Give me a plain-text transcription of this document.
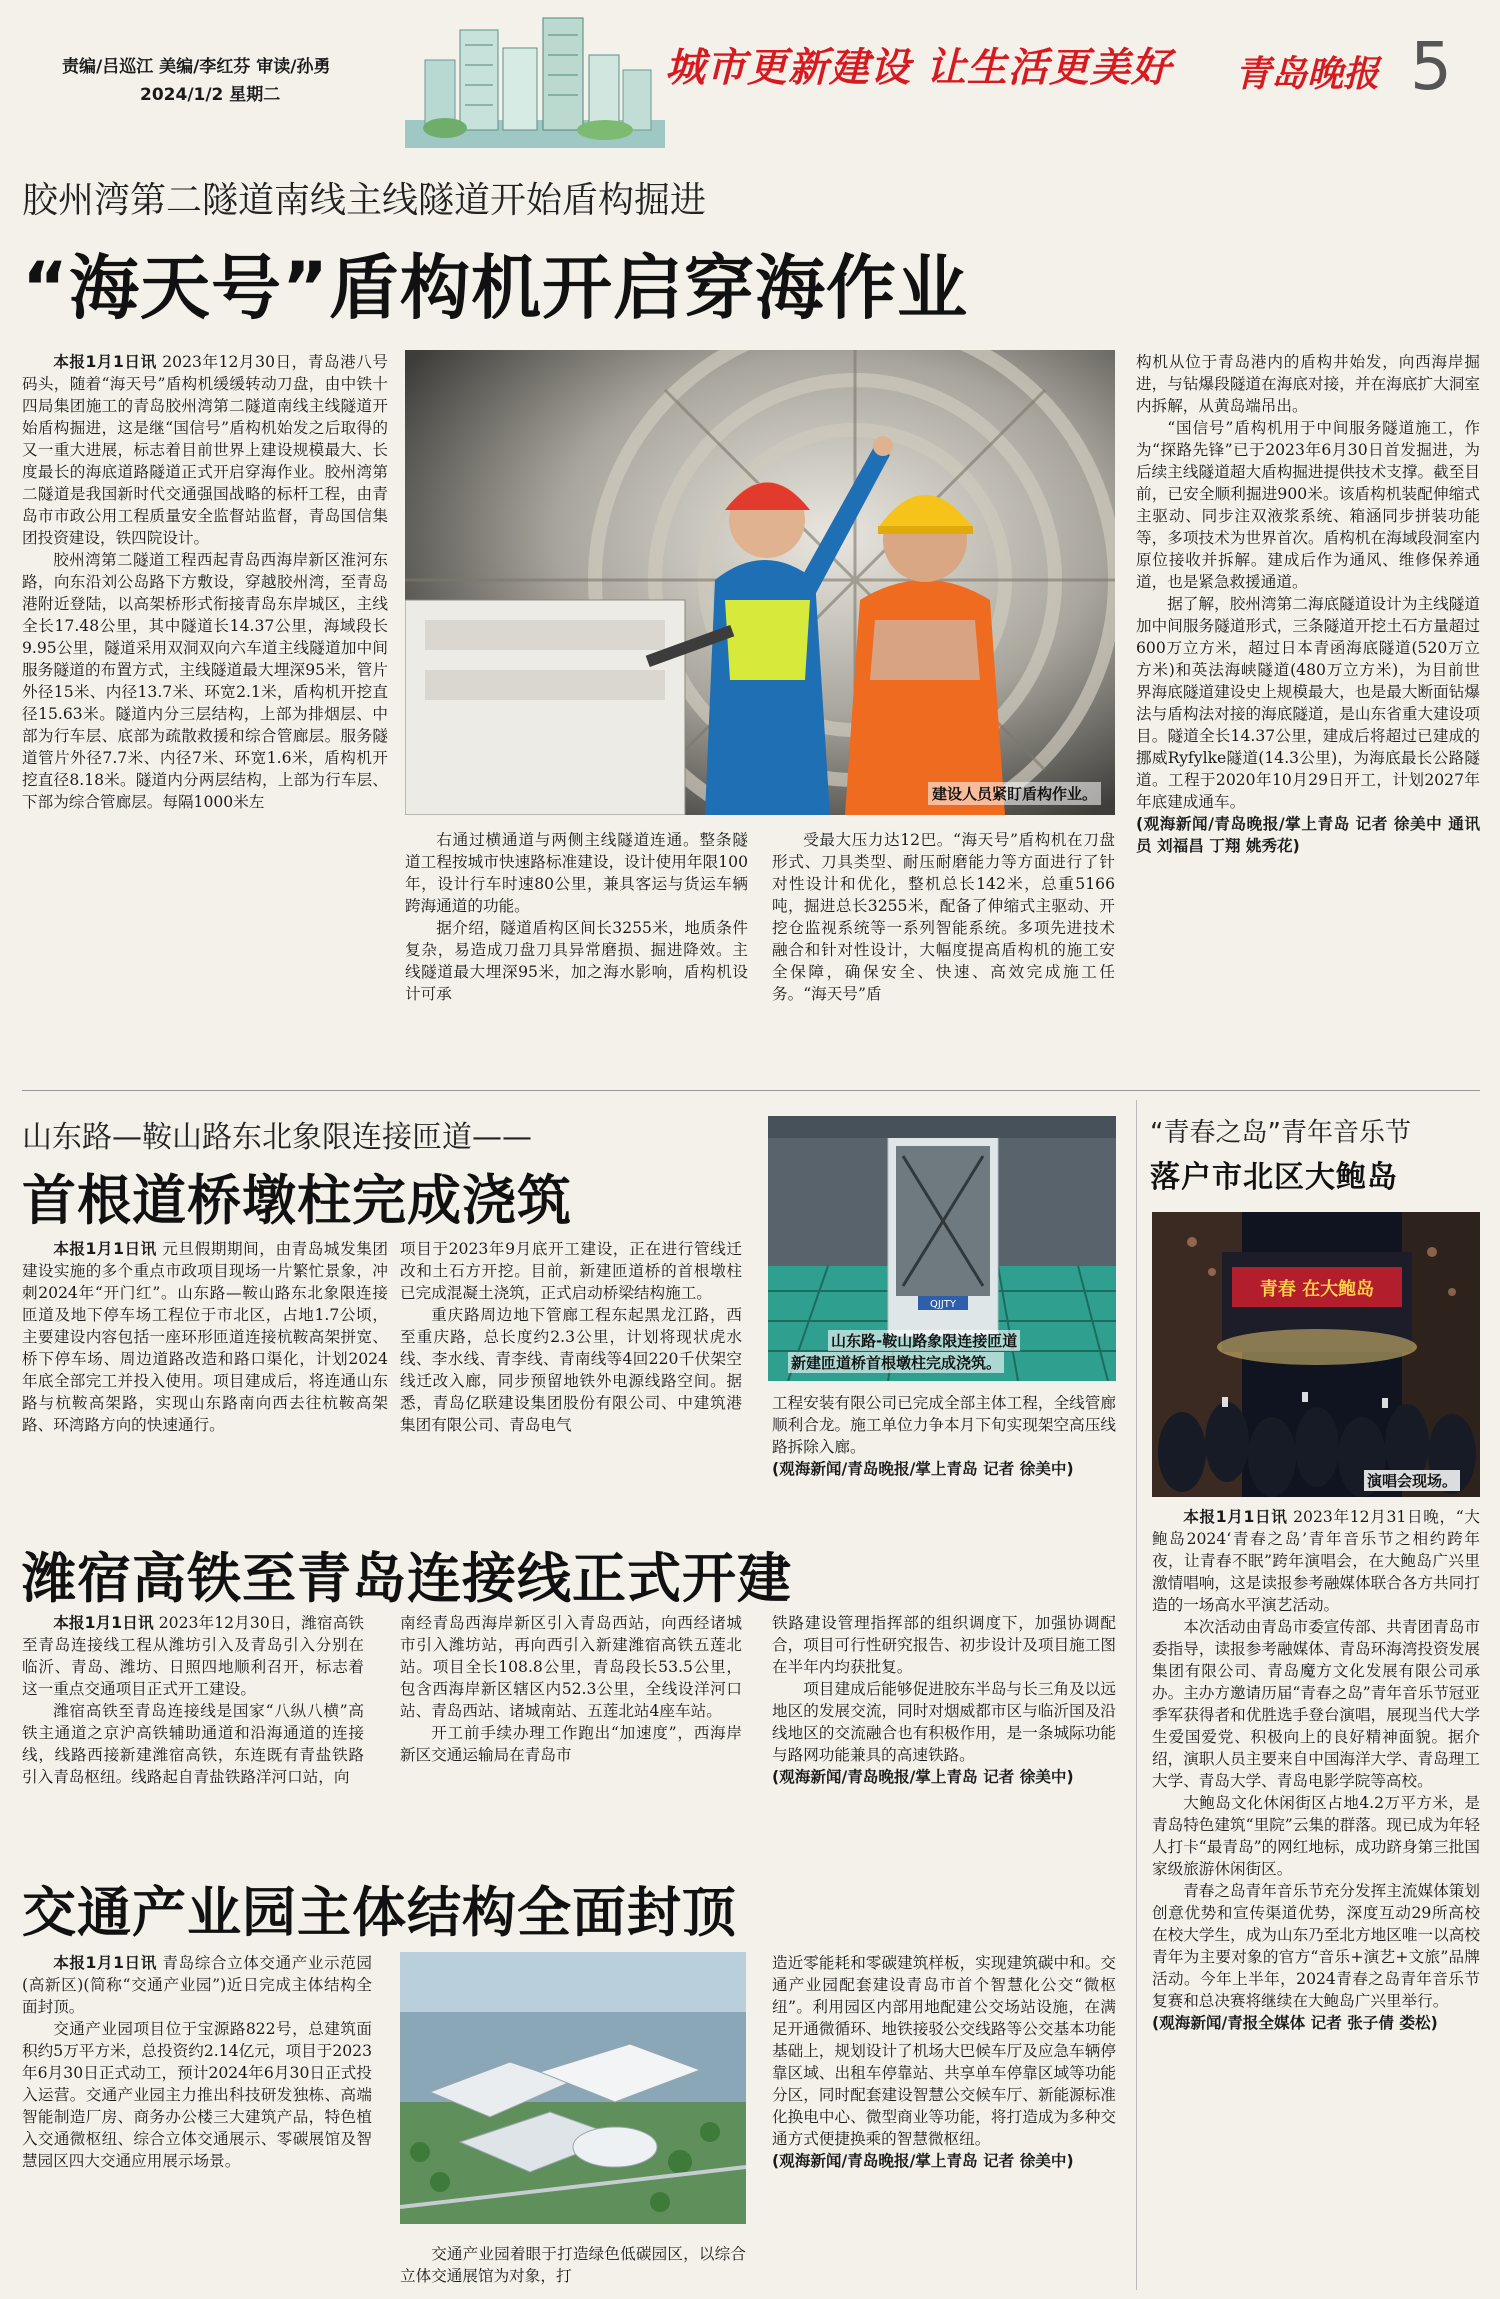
责编/吕巡江 美编/李红芬 审读/孙勇
2024/1/2 星期二
城市更新建设 让生活更美好 青岛晚报 5
胶州湾第二隧道南线主线隧道开始盾构掘进
“海天号”盾构机开启穿海作业

本报1月1日讯 2023年12月30日，青岛港八号码头，随着“海天号”盾构机缓缓转动刀盘，由中铁十四局集团施工的青岛胶州湾第二隧道南线主线隧道开始盾构掘进，这是继“国信号”盾构机始发之后取得的又一重大进展，标志着目前世界上建设规模最大、长度最长的海底道路隧道正式开启穿海作业。胶州湾第二隧道是我国新时代交通强国战略的标杆工程，由青岛市市政公用工程质量安全监督站监督，青岛国信集团投资建设，铁四院设计。

胶州湾第二隧道工程西起青岛西海岸新区淮河东路，向东沿刘公岛路下方敷设，穿越胶州湾，至青岛港附近登陆，以高架桥形式衔接青岛东岸城区，主线全长17.48公里，其中隧道长14.37公里，海域段长9.95公里，隧道采用双洞双向六车道主线隧道加中间服务隧道的布置方式，主线隧道最大埋深95米，管片外径15米、内径13.7米、环宽2.1米，盾构机开挖直径15.63米。隧道内分三层结构，上部为排烟层、中部为行车层、底部为疏散救援和综合管廊层。服务隧道管片外径7.7米、内径7米、环宽1.6米，盾构机开挖直径8.18米。隧道内分两层结构，上部为行车层、下部为综合管廊层。每隔1000米左	建设人员紧盯盾构作业。

右通过横通道与两侧主线隧道连通。整条隧道工程按城市快速路标准建设，设计使用年限100年，设计行车时速80公里，兼具客运与货运车辆跨海通道的功能。

据介绍，隧道盾构区间长3255米，地质条件复杂，易造成刀盘刀具异常磨损、掘进降效。主线隧道最大埋深95米，加之海水影响，盾构机设计可承

受最大压力达12巴。“海天号”盾构机在刀盘形式、刀具类型、耐压耐磨能力等方面进行了针对性设计和优化，整机总长142米，总重5166吨，掘进总长3255米，配备了伸缩式主驱动、开挖仓监视系统等一系列智能系统。多项先进技术融合和针对性设计，大幅度提高盾构机的施工安全保障，确保安全、快速、高效完成施工任务。“海天号”盾

构机从位于青岛港内的盾构井始发，向西海岸掘进，与钻爆段隧道在海底对接，并在海底扩大洞室内拆解，从黄岛端吊出。

“国信号”盾构机用于中间服务隧道施工，作为“探路先锋”已于2023年6月30日首发掘进，为后续主线隧道超大盾构掘进提供技术支撑。截至目前，已安全顺利掘进900米。该盾构机装配伸缩式主驱动、同步注双液浆系统、箱涵同步拼装功能等，多项技术为世界首次。盾构机在海域段洞室内原位接收并拆解。建成后作为通风、维修保养通道，也是紧急救援通道。

据了解，胶州湾第二海底隧道设计为主线隧道加中间服务隧道形式，三条隧道开挖土石方量超过600万立方米，超过日本青函海底隧道(520万立方米)和英法海峡隧道(480万立方米)，为目前世界海底隧道建设史上规模最大，也是最大断面钻爆法与盾构法对接的海底隧道，是山东省重大建设项目。隧道全长14.37公里，建成后将超过已建成的挪威Ryfylke隧道(14.3公里)，为海底最长公路隧道。工程于2020年10月29日开工，计划2027年年底建成通车。

(观海新闻/青岛晚报/掌上青岛 记者 徐美中 通讯员 刘福昌 丁翔 姚秀花)

山东路—鞍山路东北象限连接匝道——
首根道桥墩柱完成浇筑

本报1月1日讯 元旦假期期间，由青岛城发集团建设实施的多个重点市政项目现场一片繁忙景象，冲刺2024年“开门红”。山东路—鞍山路东北象限连接匝道及地下停车场工程位于市北区，占地1.7公顷，主要建设内容包括一座环形匝道连接杭鞍高架拼宽、桥下停车场、周边道路改造和路口渠化，计划2024年底全部完工并投入使用。项目建成后，将连通山东路与杭鞍高架路，实现山东路南向西去往杭鞍高架路、环湾路方向的快速通行。

项目于2023年9月底开工建设，正在进行管线迁改和土石方开挖。目前，新建匝道桥的首根墩柱已完成混凝土浇筑，正式启动桥梁结构施工。

重庆路周边地下管廊工程东起黑龙江路，西至重庆路，总长度约2.3公里，计划将现状虎水线、李水线、青李线、青南线等4回220千伏架空线迁改入廊，同步预留地铁外电源线路空间。据悉，青岛亿联建设集团股份有限公司、中建筑港集团有限公司、青岛电气

QJJTY
山东路-鞍山路象限连接匝道
新建匝道桥首根墩柱完成浇筑。

工程安装有限公司已完成全部主体工程，全线管廊顺利合龙。施工单位力争本月下旬实现架空高压线路拆除入廊。

(观海新闻/青岛晚报/掌上青岛 记者 徐美中)

“青春之岛”青年音乐节
落户市北区大鲍岛
青春 在大鲍岛
演唱会现场。

本报1月1日讯 2023年12月31日晚，“大鲍岛2024‘青春之岛’青年音乐节之相约跨年夜，让青春不眠”跨年演唱会，在大鲍岛广兴里激情唱响，这是读报参考融媒体联合各方共同打造的一场高水平演艺活动。

本次活动由青岛市委宣传部、共青团青岛市委指导，读报参考融媒体、青岛环海湾投资发展集团有限公司、青岛魔方文化发展有限公司承办。主办方邀请历届“青春之岛”青年音乐节冠亚季军获得者和优胜选手登台演唱，展现当代大学生爱国爱党、积极向上的良好精神面貌。据介绍，演职人员主要来自中国海洋大学、青岛理工大学、青岛大学、青岛电影学院等高校。

大鲍岛文化休闲街区占地4.2万平方米，是青岛特色建筑“里院”云集的群落。现已成为年轻人打卡“最青岛”的网红地标，成功跻身第三批国家级旅游休闲街区。

青春之岛青年音乐节充分发挥主流媒体策划创意优势和宣传渠道优势，深度互动29所高校在校大学生，成为山东乃至北方地区唯一以高校青年为主要对象的官方“音乐+演艺+文旅”品牌活动。今年上半年，2024青春之岛青年音乐节复赛和总决赛将继续在大鲍岛广兴里举行。

(观海新闻/青报全媒体 记者 张子倩 娄松)

潍宿高铁至青岛连接线正式开建

本报1月1日讯 2023年12月30日，潍宿高铁至青岛连接线工程从潍坊引入及青岛引入分别在临沂、青岛、潍坊、日照四地顺利召开，标志着这一重点交通项目正式开工建设。

潍宿高铁至青岛连接线是国家“八纵八横”高铁主通道之京沪高铁辅助通道和沿海通道的连接线，线路西接新建潍宿高铁，东连既有青盐铁路引入青岛枢纽。线路起自青盐铁路洋河口站，向

南经青岛西海岸新区引入青岛西站，向西经诸城市引入潍坊站，再向西引入新建潍宿高铁五莲北站。项目全长108.8公里，青岛段长53.5公里，包含西海岸新区辖区内52.3公里，全线设洋河口站、青岛西站、诸城南站、五莲北站4座车站。

开工前手续办理工作跑出“加速度”，西海岸新区交通运输局在青岛市

铁路建设管理指挥部的组织调度下，加强协调配合，项目可行性研究报告、初步设计及项目施工图在半年内均获批复。

项目建成后能够促进胶东半岛与长三角及以远地区的发展交流，同时对烟威都市区与临沂国及沿线地区的交流融合也有积极作用，是一条城际功能与路网功能兼具的高速铁路。

(观海新闻/青岛晚报/掌上青岛 记者 徐美中)

交通产业园主体结构全面封顶

本报1月1日讯 青岛综合立体交通产业示范园(高新区)(简称“交通产业园”)近日完成主体结构全面封顶。

交通产业园项目位于宝源路822号，总建筑面积约5万平方米，总投资约2.14亿元，项目于2023年6月30日正式动工，预计2024年6月30日正式投入运营。交通产业园主力推出科技研发独栋、高端智能制造厂房、商务办公楼三大建筑产品，特色植入交通微枢纽、综合立体交通展示、零碳展馆及智慧园区四大交通应用展示场景。

交通产业园着眼于打造绿色低碳园区，以综合立体交通展馆为对象，打

造近零能耗和零碳建筑样板，实现建筑碳中和。交通产业园配套建设青岛市首个智慧化公交“微枢纽”。利用园区内部用地配建公交场站设施，在满足开通微循环、地铁接驳公交线路等公交基本功能基础上，规划设计了机场大巴候车厅及应急车辆停靠区域、出租车停靠站、共享单车停靠区域等功能分区，同时配套建设智慧公交候车厅、新能源标准化换电中心、微型商业等功能，将打造成为多种交通方式便捷换乘的智慧微枢纽。

(观海新闻/青岛晚报/掌上青岛 记者 徐美中)
